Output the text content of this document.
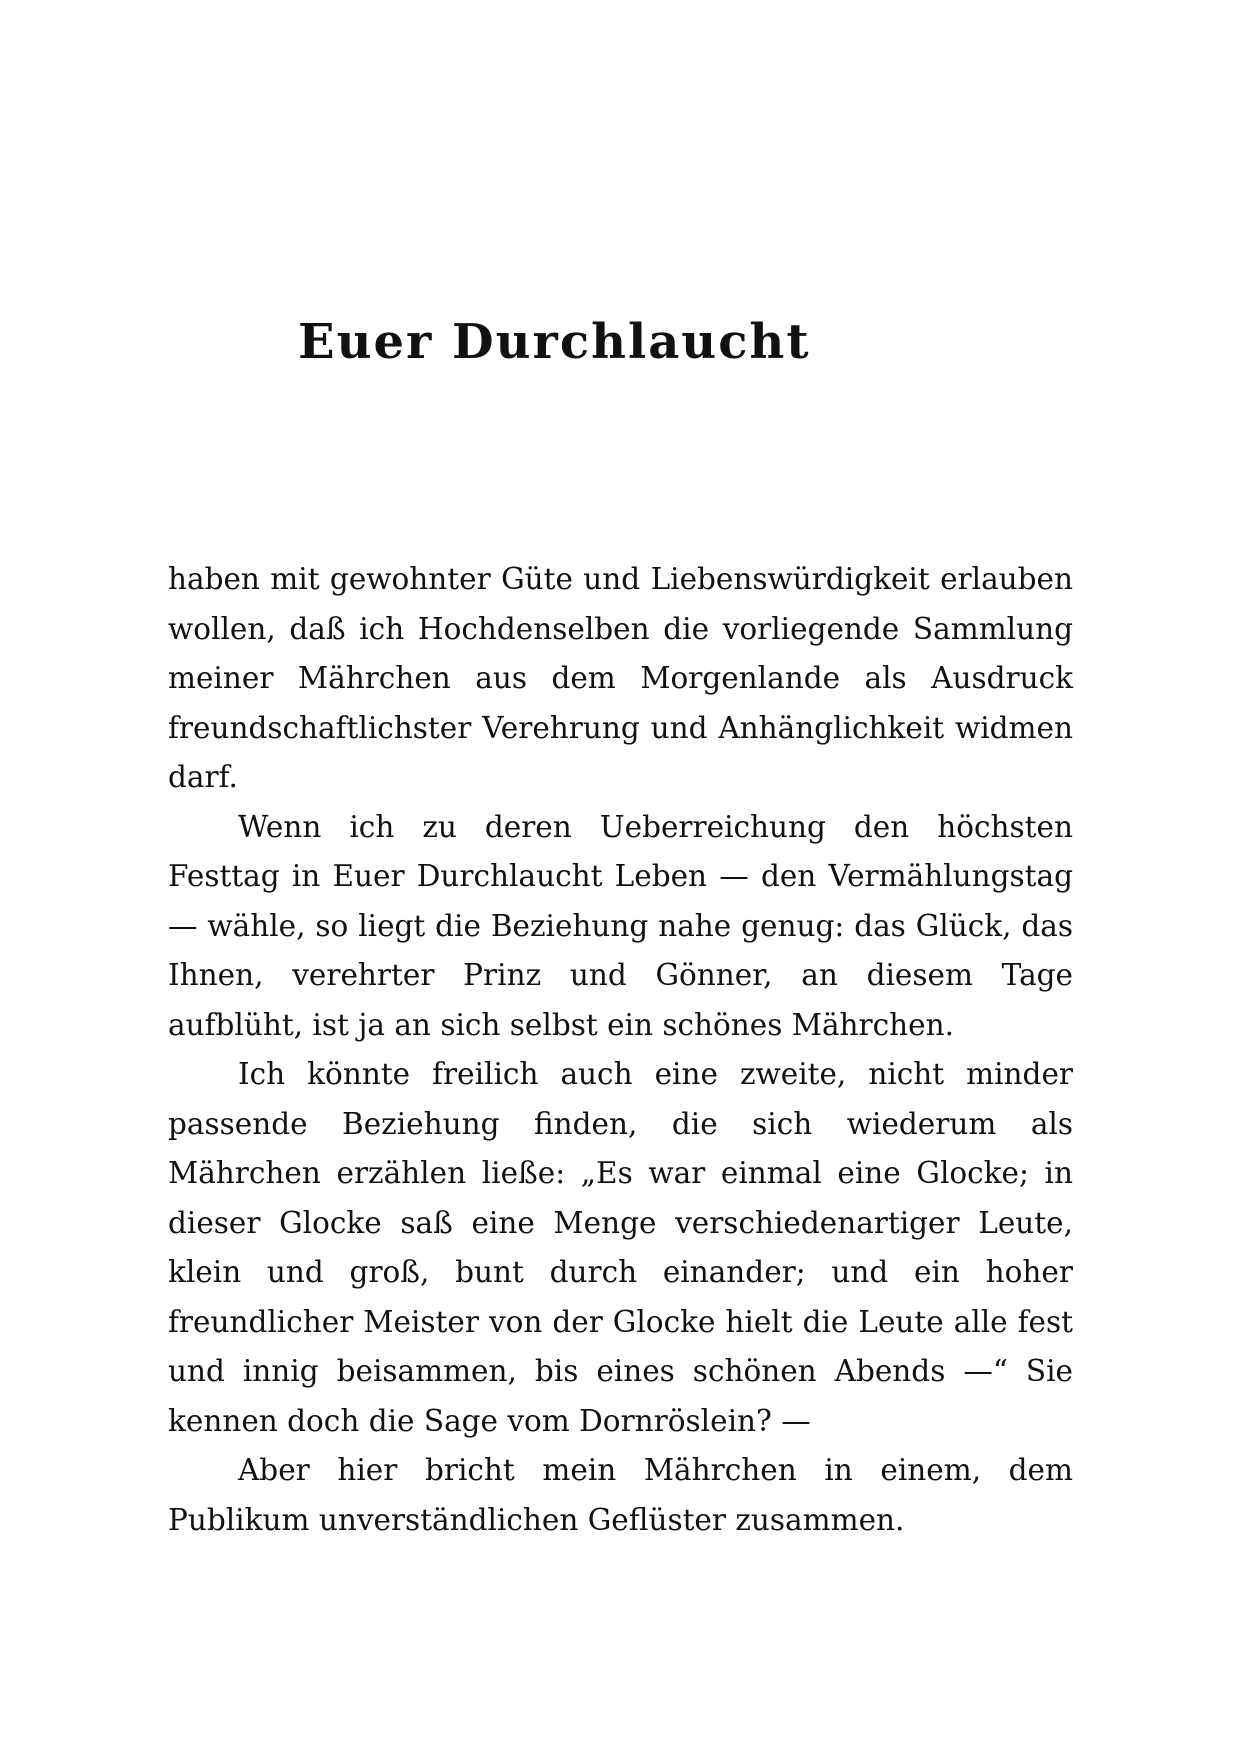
Euer Durchlaucht

haben mit gewohnter Güte und Liebenswürdigkeit erlauben wollen, daß ich Hochdenselben die vorliegende Sammlung meiner Mährchen aus dem Morgenlande als Ausdruck freundschaftlichster Verehrung und Anhänglichkeit widmen darf.

Wenn ich zu deren Ueberreichung den höchsten Festtag in Euer Durchlaucht Leben — den Vermählungstag — wähle, so liegt die Beziehung nahe genug: das Glück, das Ihnen, verehrter Prinz und Gönner, an diesem Tage aufblüht, ist ja an sich selbst ein schönes Mährchen.

Ich könnte freilich auch eine zweite, nicht minder passende Beziehung finden, die sich wiederum als Mährchen erzählen ließe: „Es war einmal eine Glocke; in dieser Glocke saß eine Menge verschiedenartiger Leute, klein und groß, bunt durch einander; und ein hoher freundlicher Meister von der Glocke hielt die Leute alle fest und innig beisammen, bis eines schönen Abends —“ Sie kennen doch die Sage vom Dornröslein? —

Aber hier bricht mein Mährchen in einem, dem Publikum unverständlichen Geflüster zusammen.
